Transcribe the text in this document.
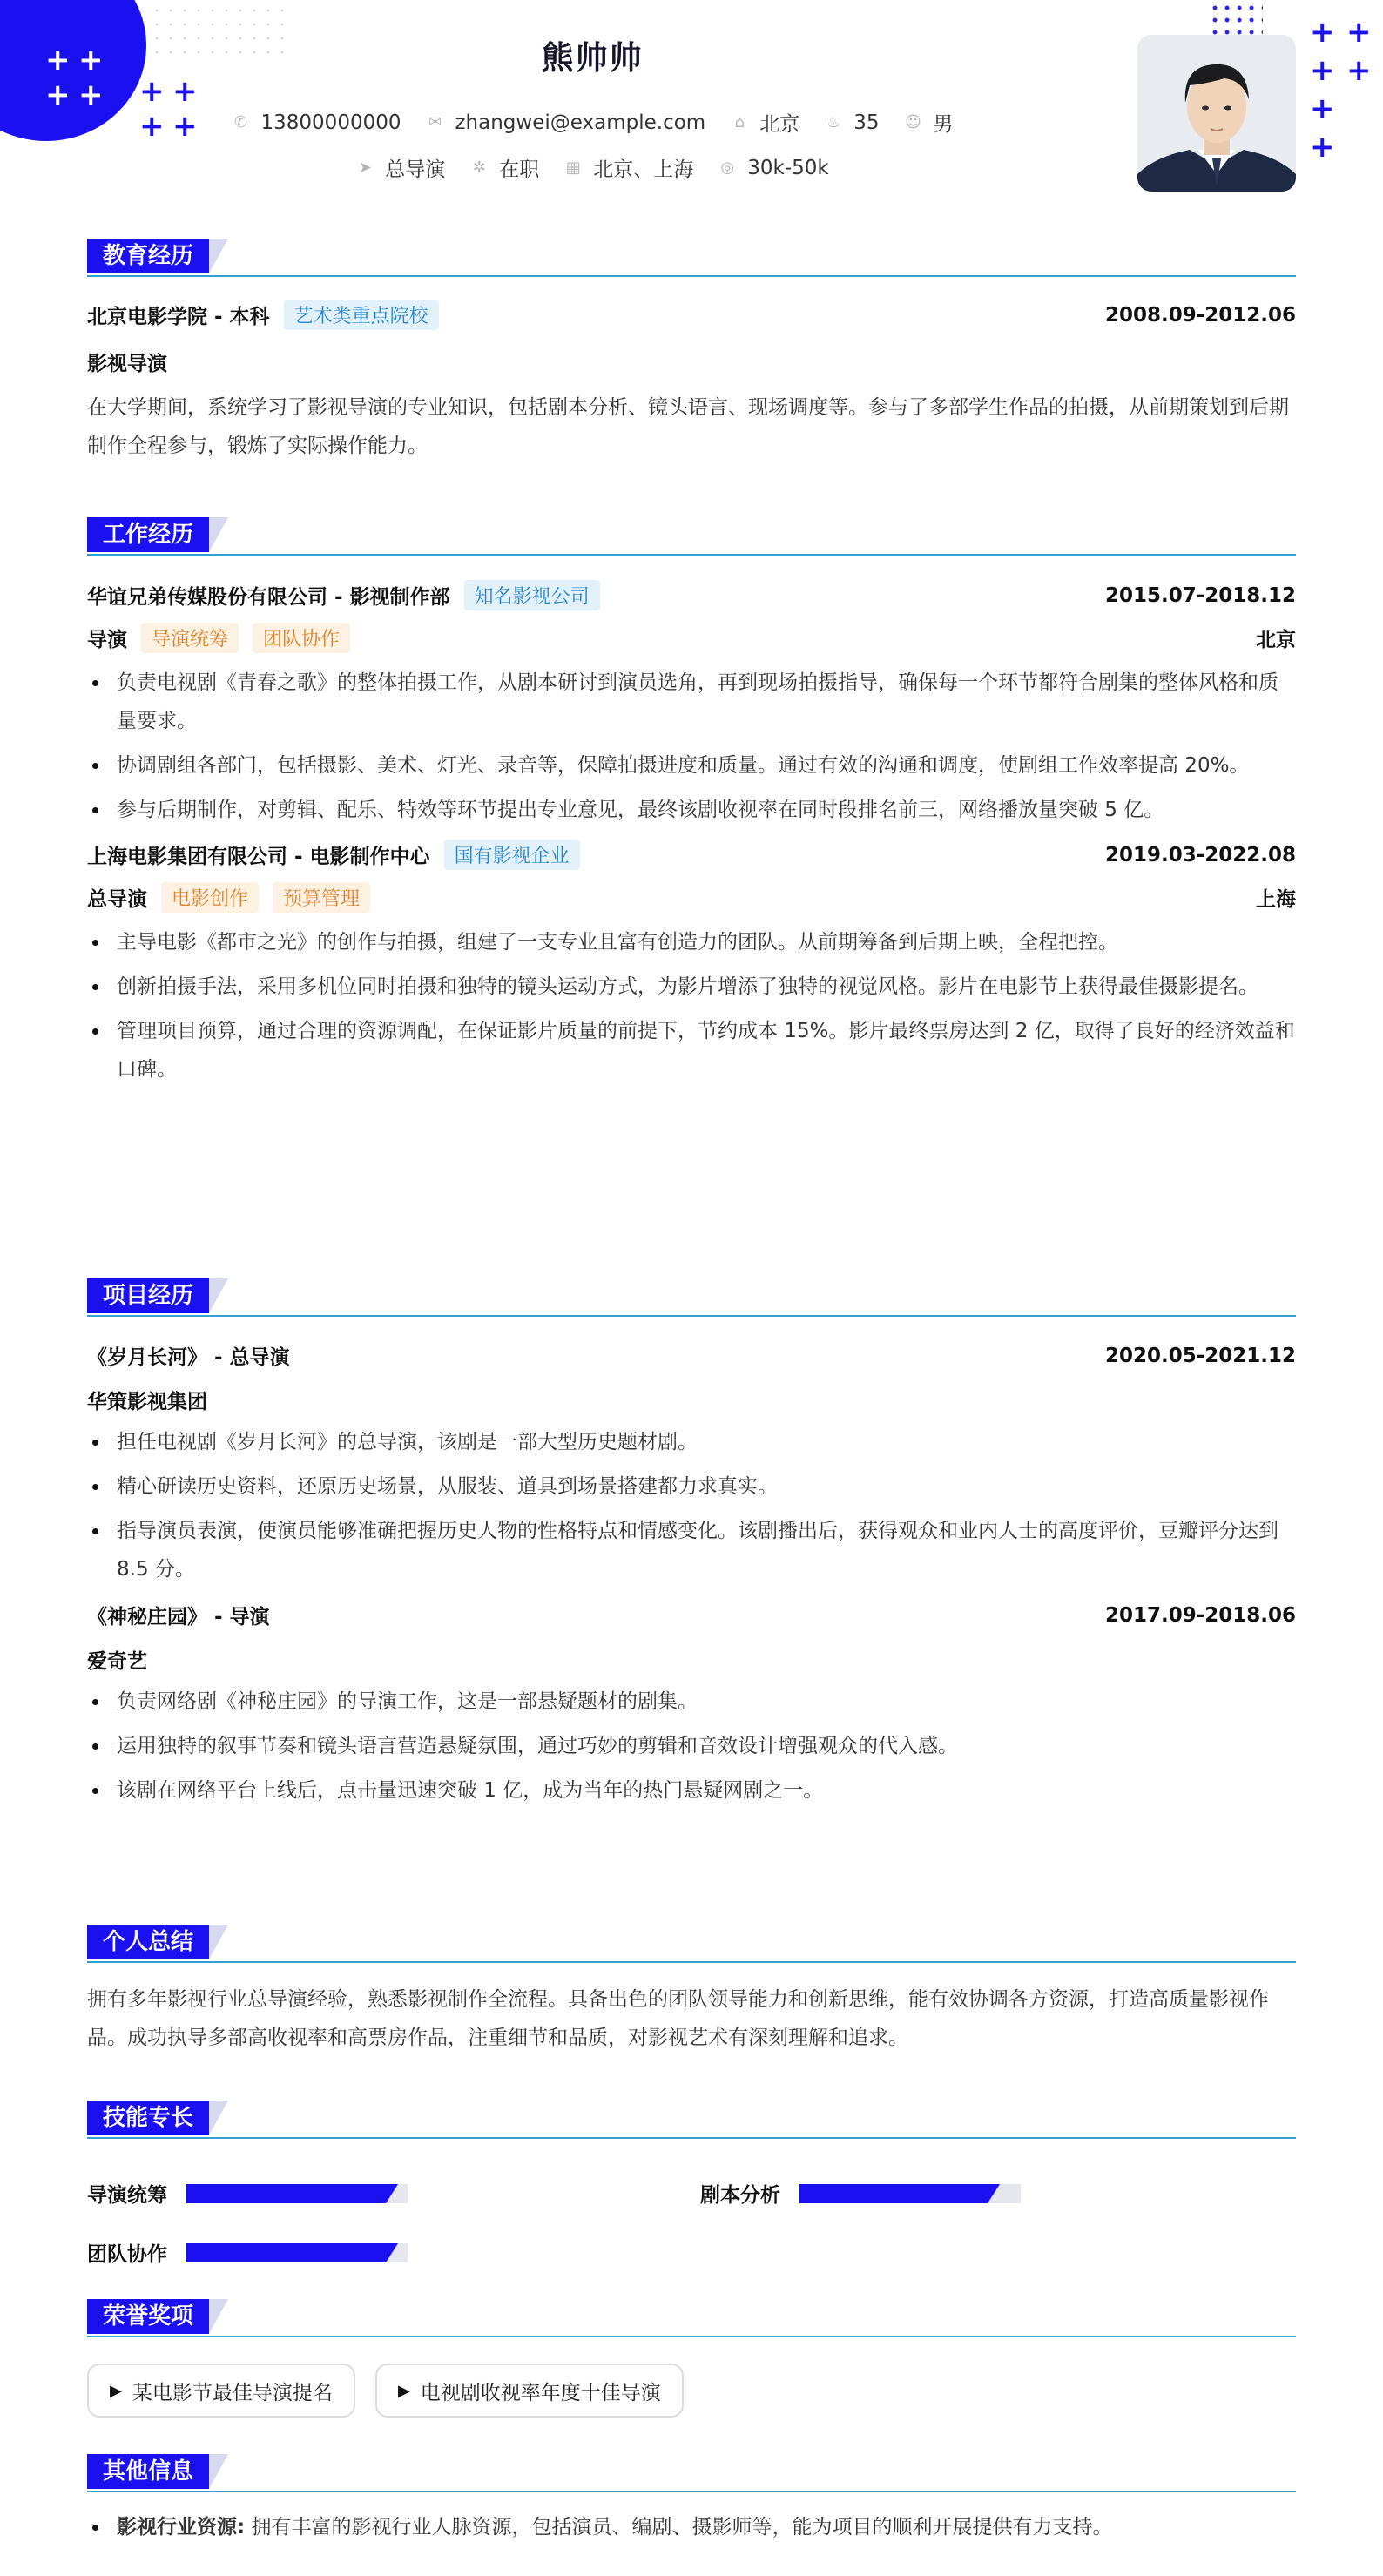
+ +
+ + + +
+ +
+ +
+ +
+
+
熊帅帅
✆ 13800000000 ✉ zhangwei@example.com ⌂ 北京 ♨ 35 ☺ 男
➤ 总导演 ✲ 在职 ▦ 北京、上海 ◎ 30k-50k
教育经历
北京电影学院 - 本科	艺术类重点院校	2008.09-2012.06
影视导演
在大学期间，系统学习了影视导演的专业知识，包括剧本分析、镜头语言、现场调度等。参与了多部学生作品的拍摄，从前期策划到后期制作全程参与，锻炼了实际操作能力。
工作经历
华谊兄弟传媒股份有限公司 - 影视制作部	知名影视公司	2015.07-2018.12
导演	导演统筹	团队协作	北京
负责电视剧《青春之歌》的整体拍摄工作，从剧本研讨到演员选角，再到现场拍摄指导，确保每一个环节都符合剧集的整体风格和质量要求。
协调剧组各部门，包括摄影、美术、灯光、录音等，保障拍摄进度和质量。通过有效的沟通和调度，使剧组工作效率提高 20%。
参与后期制作，对剪辑、配乐、特效等环节提出专业意见，最终该剧收视率在同时段排名前三，网络播放量突破 5 亿。
上海电影集团有限公司 - 电影制作中心	国有影视企业	2019.03-2022.08
总导演	电影创作	预算管理	上海
主导电影《都市之光》的创作与拍摄，组建了一支专业且富有创造力的团队。从前期筹备到后期上映，全程把控。
创新拍摄手法，采用多机位同时拍摄和独特的镜头运动方式，为影片增添了独特的视觉风格。影片在电影节上获得最佳摄影提名。
管理项目预算，通过合理的资源调配，在保证影片质量的前提下，节约成本 15%。影片最终票房达到 2 亿，取得了良好的经济效益和口碑。
项目经历
《岁月长河》 - 总导演	2020.05-2021.12
华策影视集团
担任电视剧《岁月长河》的总导演，该剧是一部大型历史题材剧。
精心研读历史资料，还原历史场景，从服装、道具到场景搭建都力求真实。
指导演员表演，使演员能够准确把握历史人物的性格特点和情感变化。该剧播出后，获得观众和业内人士的高度评价，豆瓣评分达到 8.5 分。
《神秘庄园》 - 导演	2017.09-2018.06
爱奇艺
负责网络剧《神秘庄园》的导演工作，这是一部悬疑题材的剧集。
运用独特的叙事节奏和镜头语言营造悬疑氛围，通过巧妙的剪辑和音效设计增强观众的代入感。
该剧在网络平台上线后，点击量迅速突破 1 亿，成为当年的热门悬疑网剧之一。
个人总结
拥有多年影视行业总导演经验，熟悉影视制作全流程。具备出色的团队领导能力和创新思维，能有效协调各方资源，打造高质量影视作品。成功执导多部高收视率和高票房作品，注重细节和品质，对影视艺术有深刻理解和追求。
技能专长
导演统筹	剧本分析
团队协作
荣誉奖项
▶ 某电影节最佳导演提名
	▶ 电视剧收视率年度十佳导演
其他信息
影视行业资源: 拥有丰富的影视行业人脉资源，包括演员、编剧、摄影师等，能为项目的顺利开展提供有力支持。
